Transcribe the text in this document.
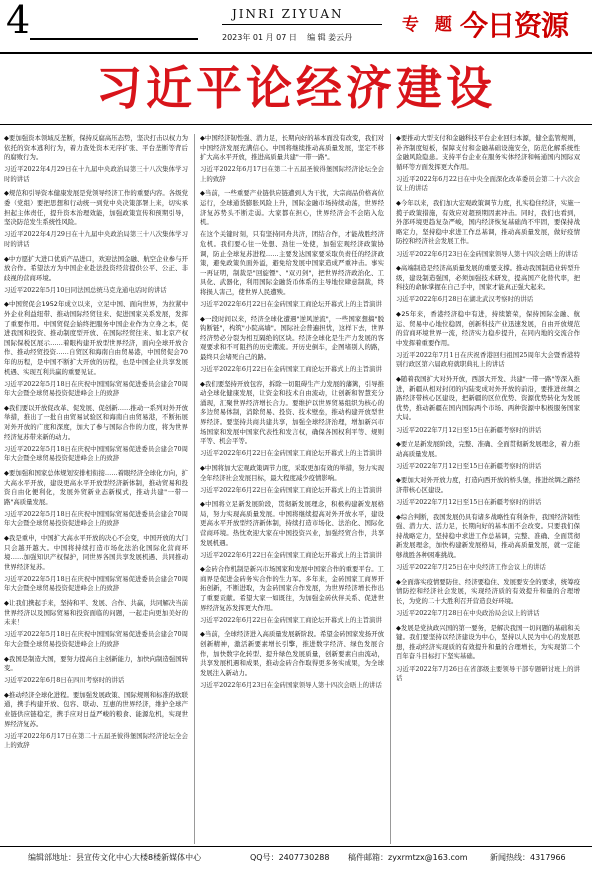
4	JINRI ZIYUAN
2023年 01 月 07 日 编 辑 姜云丹
专 题 今日资源
习近平论经济建设

◆要加强资本领域反垄断，保持反腐高压态势，坚决打击以权力为依托的资本逃利行为，着力查处资本无序扩张、平台垄断等背后的腐败行为。

习近平2022年4月29日在十九届中央政治局第三十八次集体学习时的讲话

◆规范和引导资本健康发展是党领导经济工作的重要内容。各级党委（党组）要把思想和行动统一到党中央决策部署上来，切实承担起主体责任，提升资本治理效能，加强政策宣传和预期引导，坚决防范发生系统性风险。

习近平2022年4月29日在十九届中央政治局第三十八次集体学习时的讲话

◆中方愿扩大进口优质产品进口，欢迎法国金融、航空企业参与开放合作。希望法方为中国企业赴法投资经营提供公平、公正、非歧视的营商环境。

习近平2022年5月10日同法国总统马克龙通电话时的讲话

◆中国贸促会1952年成立以来，立足中国、面向世界，为拉紧中外企业利益纽带、推动国际经贸往来、促进国家关系发展，发挥了重要作用。中国贸促会始终把服务中国企业作为立身之本，促进我国和投资、推动制度型开放、在国际经贸往来、如北京产权国际保税区展示……着眼构建开放型世界经济，面向全球开放合作、推动经贸投资……自贸区和海南自由贸易港，中国贸促会70年的历程，是中国不断扩大开放的历程，也是中国企业共享发展机遇、实现互利共赢的重要见证。

习近平2022年5月18日在庆祝中国国际贸易促进委员会建会70周年大会暨全球贸易投资促进峰会上的致辞

◆我们要以开放促改革、促发展、促创新……推动一系列对外开放举措，推出了一批自由贸易试验区和海南自由贸易港，不断拓展对外开放的广度和深度，加大了参与国际合作的力度，将为世界经济复苏带来新的动力。

习近平2022年5月18日在庆祝中国国际贸易促进委员会建会70周年大会暨全球贸易投资促进峰会上的致辞

◆要加强和国家总体规划安排相衔接……着眼经济全球化方向，扩大高水平开放，建设更高水平开放型经济新体制，推动贸易和投资自由化便利化，发展外贸新业态新模式，推动共建"一带一路"高质量发展。

习近平2022年5月18日在庆祝中国国际贸易促进委员会建会70周年大会暨全球贸易投资促进峰会上的致辞

◆我是重申，中国扩大高水平开放的决心不会变，中国开放的大门只会越开越大。中国将持续打造市场化法治化国际化营商环境……加强知识产权保护，同世界各国共享发展机遇、共同推动世界经济复苏。

习近平2022年5月18日在庆祝中国国际贸易促进委员会建会70周年大会暨全球贸易投资促进峰会上的致辞

◆让我们携起手来，坚持和平、发展、合作、共赢，共同解决当前世界经济以及国际贸易和投资面临的问题，一起走向更加美好的未来！

习近平2022年5月18日在庆祝中国国际贸易促进委员会建会70周年大会暨全球贸易投资促进峰会上的致辞

◆我国是制造大国，要努力提高自主创新能力，加快向制造强国转变。

习近平2022年6月8日在四川考察时的讲话

◆推动经济全球化进程。要加强发展政策、国际规则和标准的软联通，携手构建开放、包容、联动、互惠的世界经济，维护全球产业链供应链稳定，携手应对日益严峻的粮食、能源危机，实现世界经济复苏。

习近平2022年6月17日在第二十五届圣彼得堡国际经济论坛全会上的致辞

◆中国经济韧性强、潜力足，长期向好的基本面没有改变，我们对中国经济发展充满信心。中国将继续推动高质量发展，坚定不移扩大高水平开放，推进高质量共建"一带一路"。

习近平2022年6月17日在第二十五届圣彼得堡国际经济论坛全会上的致辞

◆当前，一些重要产业链供应链遭到人为干扰，大宗商品价格高位运行，全球通货膨胀风险上升，国际金融市场持续动荡，世界经济复苏势头不断走弱。大家都在担心，世界经济会不会陷入危机。

在这个关键时刻，只有坚持同舟共济，团结合作，才能战胜经济危机。我们要心往一处想、劲往一处使，加强宏观经济政策协调，防止全球复苏进程……主要发达国家要采取负责任的经济政策，避免政策负面外溢，避免给发展中国家造成严重冲击。事实一再证明，制裁是"回旋镖"、"双刃剑"，把世界经济政治化、工具化、武器化，利用国际金融货币体系的主导地位肆意制裁，终将损人害己，使世界人民遭殃。

习近平2022年6月22日在金砖国家工商论坛开幕式上的主旨演讲

◆一段时间以来，经济全球化遭遇"逆风逆流"，一些国家想搞"脱钩断链"，构筑"小院高墙"。国际社会普遍担忧，这样下去，世界经济势必分裂为相互隔绝的区块。经济全球化是生产力发展的客观要求和不可阻挡的历史潮流。开历史倒车，企图堵别人的路，最终只会堵死自己的路。

习近平2022年6月22日在金砖国家工商论坛开幕式上的主旨演讲

◆我们要坚持开放包容，拆除一切阻碍生产力发展的藩篱，引导推动全球化健康发展，让资金和技术自由流动，让创新和智慧充分涌现，汇聚世界经济增长合力。要维护以世界贸易组织为核心的多边贸易体制，消除贸易、投资、技术壁垒，推动构建开放型世界经济。要坚持共商共建共享，加强全球经济治理，增加新兴市场国家和发展中国家代表性和发言权，确保各国权利平等、规则平等、机会平等。

习近平2022年6月22日在金砖国家工商论坛开幕式上的主旨演讲

◆中国将加大宏观政策调节力度，采取更加有效的举措，努力实现全年经济社会发展目标，最大程度减少疫情影响。

习近平2022年6月22日在金砖国家工商论坛开幕式上的主旨演讲

◆中国将立足新发展阶段，贯彻新发展理念，积极构建新发展格局，努力实现高质量发展。中国将继续提高对外开放水平，建设更高水平开放型经济新体制，持续打造市场化、法治化、国际化营商环境。热忱欢迎大家在中国投资兴业，加强经贸合作，共享发展机遇。

习近平2022年6月22日在金砖国家工商论坛开幕式上的主旨演讲

◆金砖合作机制是新兴市场国家和发展中国家合作的重要平台。工商界是促进金砖务实合作的生力军。多年来，金砖国家工商界开拓创新，不断进取，为金砖国家合作发展，为世界经济增长作出了重要贡献。希望大家一如既往，为加强金砖伙伴关系、促进世界经济复苏发挥更大作用。

习近平2022年6月22日在金砖国家工商论坛开幕式上的主旨演讲

◆当前，全球经济进入高质量发展新阶段。希望金砖国家发扬开放创新精神，激活新要素增长引擎，推进数字经济、绿色发展合作，加快数字化转型、提升绿色发展质量，创新要素自由流动，共享发展机遇和成果，推动金砖合作取得更多务实成果，为全球发展注入新动力。

习近平2022年6月23日在金砖国家领导人第十四次会晤上的讲话

◆要推动大型支付和金融科技平台企业回归本源，健全监管规则，补齐制度短板，保障支付和金融基础设施安全，防范化解系统性金融风险隐患。支持平台企业在服务实体经济和畅通国内国际双循环等方面发挥更大作用。

习近平2022年6月22日在中央全面深化改革委员会第二十六次会议上的讲话

◆今年以来，我们加大宏观政策调节力度，扎实稳住经济，实施一揽子政策措施，有效应对超预期因素冲击。同时，我们也看到，外部环境更趋复杂严峻，国内经济恢复基础尚不牢固，要保持战略定力，坚持稳中求进工作总基调，推动高质量发展，做好疫情防控和经济社会发展工作。

习近平2022年6月23日在金砖国家领导人第十四次会晤上的讲话

◆高端制造是经济高质量发展的重要支撑。推动我国制造业转型升级，建设制造强国，必须加强技术研发，提高国产化替代率，把科技的命脉掌握在自己手中，国家才能真正强大起来。

习近平2022年6月28日在湖北武汉考察时的讲话

◆25年来，香港经济稳中有进，持续繁荣，保持国际金融、航运、贸易中心地位稳固，创新科技产业迅速发展，自由开放规范的营商环境世界一流，经济实力稳步提升，在同内地的交流合作中发挥着重要作用。

习近平2022年7月1日在庆祝香港回归祖国25周年大会暨香港特别行政区第六届政府就职典礼上的讲话

◆随着我国扩大对外开放，西部大开发、共建"一带一路"等深入推进，新疆从相对封闭的内陆变成对外开放的前沿，要推进丝绸之路经济带核心区建设，把新疆的区位优势、资源优势转化为发展优势，推动新疆在国内国际两个市场、两种资源中积极服务国家大局。

习近平2022年7月12日至15日在新疆考察时的讲话

◆要立足新发展阶段，完整、准确、全面贯彻新发展理念，着力推动高质量发展。

习近平2022年7月12日至15日在新疆考察时的讲话

◆要加大对外开放力度，打造向西开放的桥头堡，推进丝绸之路经济带核心区建设。

习近平2022年7月12日至15日在新疆考察时的讲话

◆综合判断，我国发展仍具有诸多战略性有利条件，我国经济韧性强、潜力大、活力足，长期向好的基本面不会改变。只要我们保持战略定力，坚持稳中求进工作总基调，完整、准确、全面贯彻新发展理念，加快构建新发展格局，推动高质量发展，就一定能够战胜各种困难挑战。

习近平2022年7月25日在中央经济工作会议上的讲话

◆全面落实疫情要防住、经济要稳住、发展要安全的要求，统筹疫情防控和经济社会发展，实现经济质的有效提升和量的合理增长，为党的二十大胜利召开营造良好环境。

习近平2022年7月28日在中央政治局会议上的讲话

◆发展是党执政兴国的第一要务，是解决我国一切问题的基础和关键。我们要坚持以经济建设为中心，坚持以人民为中心的发展思想，推动经济实现质的有效提升和量的合理增长，为实现第二个百年奋斗目标打下坚实基础。

习近平2022年7月26日在省部级主要领导干部专题研讨班上的讲话

编辑部地址：县宣传文化中心大楼8楼新媒体中心	QQ号：2407730288 稿件邮箱：zyxrmtzx@163.com	新闻热线：4317966
